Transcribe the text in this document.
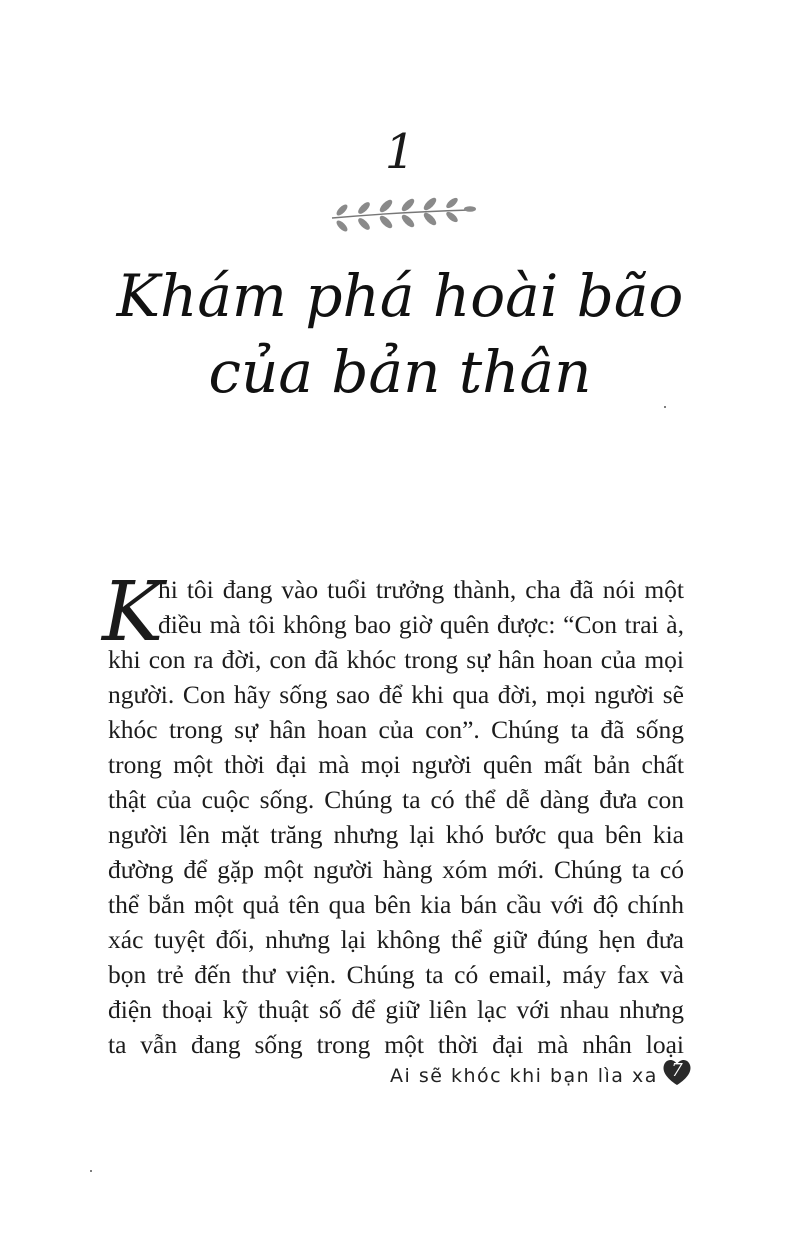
1
Khám phá hoài bão
của bản thân
K
hi tôi đang vào tuổi trưởng thành, cha đã nói một
điều mà tôi không bao giờ quên được: “Con trai à,
khi con ra đời, con đã khóc trong sự hân hoan của mọi
người. Con hãy sống sao để khi qua đời, mọi người sẽ
khóc trong sự hân hoan của con”. Chúng ta đã sống
trong một thời đại mà mọi người quên mất bản chất
thật của cuộc sống. Chúng ta có thể dễ dàng đưa con
người lên mặt trăng nhưng lại khó bước qua bên kia
đường để gặp một người hàng xóm mới. Chúng ta có
thể bắn một quả tên qua bên kia bán cầu với độ chính
xác tuyệt đối, nhưng lại không thể giữ đúng hẹn đưa
bọn trẻ đến thư viện. Chúng ta có email, máy fax và
điện thoại kỹ thuật số để giữ liên lạc với nhau nhưng
ta vẫn đang sống trong một thời đại mà nhân loại
Ai sẽ khóc khi bạn lìa xa 7
